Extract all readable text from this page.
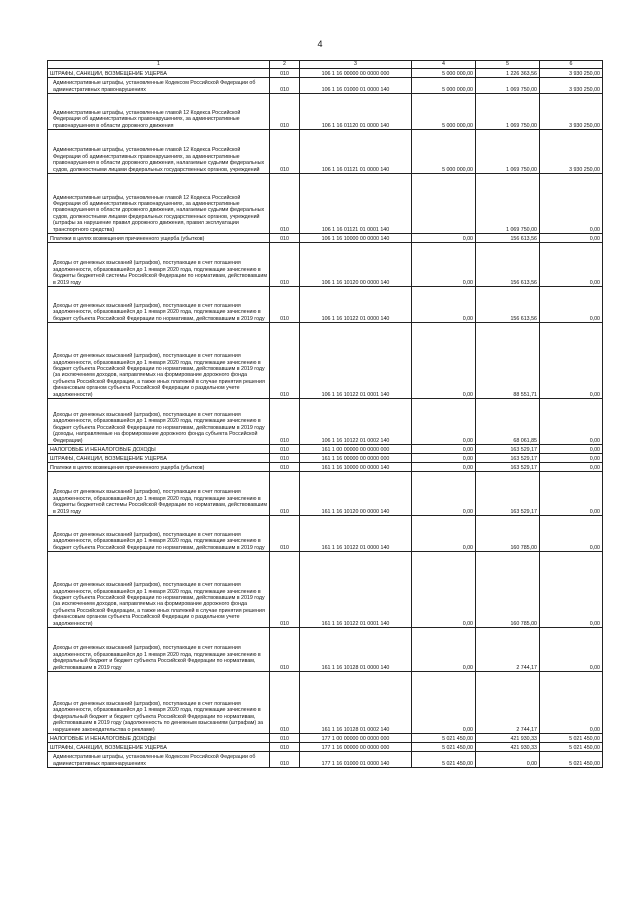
4
1	2	3	4	5	6
ШТРАФЫ, САНКЦИИ, ВОЗМЕЩЕНИЕ УЩЕРБА	010	106 1 16 00000 00 0000 000	5 000 000,00	1 226 363,56	3 930 250,00
Административные штрафы, установленные Кодексом Российской Федерации об административных правонарушениях	010	106 1 16 01000 01 0000 140	5 000 000,00	1 069 750,00	3 930 250,00
Административные штрафы, установленные главой 12 Кодекса Российской Федерации об административных правонарушениях, за административные правонарушения в области дорожного движения	010	106 1 16 01120 01 0000 140	5 000 000,00	1 069 750,00	3 930 250,00
Административные штрафы, установленные главой 12 Кодекса Российской Федерации об административных правонарушениях, за административные правонарушения в области дорожного движения, налагаемые судьями федеральных судов, должностными лицами федеральных государственных органов, учреждений	010	106 1 16 01121 01 0000 140	5 000 000,00	1 069 750,00	3 930 250,00
Административные штрафы, установленные главой 12 Кодекса Российской Федерации об административных правонарушениях, за административные правонарушения в области дорожного движения, налагаемые судьями федеральных судов, должностными лицами федеральных государственных органов, учреждений (штрафы за нарушение правил дорожного движения, правил эксплуатации транспортного средства)	010	106 1 16 01121 01 0001 140		1 069 750,00	0,00
Платежи в целях возмещения причиненного ущерба (убытков)	010	106 1 16 10000 00 0000 140	0,00	156 613,56	0,00
Доходы от денежных взысканий (штрафов), поступающие в счет погашения задолженности, образовавшейся до 1 января 2020 года, подлежащие зачислению в бюджеты бюджетной системы Российской Федерации по нормативам, действовавшим в 2019 году	010	106 1 16 10120 00 0000 140	0,00	156 613,56	0,00
Доходы от денежных взысканий (штрафов), поступающие в счет погашения задолженности, образовавшейся до 1 января 2020 года, подлежащие зачислению в бюджет субъекта Российской Федерации по нормативам, действовавшим в 2019 году	010	106 1 16 10122 01 0000 140	0,00	156 613,56	0,00
Доходы от денежных взысканий (штрафов), поступающие в счет погашения задолженности, образовавшейся до 1 января 2020 года, подлежащие зачислению в бюджет субъекта Российской Федерации по нормативам, действовавшим в 2019 году (за исключением доходов, направляемых на формирование дорожного фонда субъекта Российской Федерации, а также иных платежей в случае принятия решения финансовым органом субъекта Российской Федерации о раздельном учете задолженности)	010	106 1 16 10122 01 0001 140	0,00	88 551,71	0,00
Доходы от денежных взысканий (штрафов), поступающие в счет погашения задолженности, образовавшейся до 1 января 2020 года, подлежащие зачислению в бюджет субъекта Российской Федерации по нормативам, действовавшим в 2019 году (доходы, направляемые на формирование дорожного фонда субъекта Российской Федерации)	010	106 1 16 10122 01 0002 140	0,00	68 061,85	0,00
НАЛОГОВЫЕ И НЕНАЛОГОВЫЕ ДОХОДЫ	010	161 1 00 00000 00 0000 000	0,00	163 529,17	0,00
ШТРАФЫ, САНКЦИИ, ВОЗМЕЩЕНИЕ УЩЕРБА	010	161 1 16 00000 00 0000 000	0,00	163 529,17	0,00
Платежи в целях возмещения причиненного ущерба (убытков)	010	161 1 16 10000 00 0000 140	0,00	163 529,17	0,00
Доходы от денежных взысканий (штрафов), поступающие в счет погашения задолженности, образовавшейся до 1 января 2020 года, подлежащие зачислению в бюджеты бюджетной системы Российской Федерации по нормативам, действовавшим в 2019 году	010	161 1 16 10120 00 0000 140	0,00	163 529,17	0,00
Доходы от денежных взысканий (штрафов), поступающие в счет погашения задолженности, образовавшейся до 1 января 2020 года, подлежащие зачислению в бюджет субъекта Российской Федерации по нормативам, действовавшим в 2019 году	010	161 1 16 10122 01 0000 140	0,00	160 785,00	0,00
Доходы от денежных взысканий (штрафов), поступающие в счет погашения задолженности, образовавшейся до 1 января 2020 года, подлежащие зачислению в бюджет субъекта Российской Федерации по нормативам, действовавшим в 2019 году (за исключением доходов, направляемых на формирование дорожного фонда субъекта Российской Федерации, а также иных платежей в случае принятия решения финансовым органом субъекта Российской Федерации о раздельном учете задолженности)	010	161 1 16 10122 01 0001 140	0,00	160 785,00	0,00
Доходы от денежных взысканий (штрафов), поступающие в счет погашения задолженности, образовавшейся до 1 января 2020 года, подлежащие зачислению в федеральный бюджет и бюджет субъекта Российской Федерации по нормативам, действовавшим в 2019 году	010	161 1 16 10128 01 0000 140	0,00	2 744,17	0,00
Доходы от денежных взысканий (штрафов), поступающие в счет погашения задолженности, образовавшейся до 1 января 2020 года, подлежащие зачислению в федеральный бюджет и бюджет субъекта Российской Федерации по нормативам, действовавшим в 2019 году (задолженность по денежным взысканиям (штрафам) за нарушение законодательства о рекламе)	010	161 1 16 10128 01 0002 140	0,00	2 744,17	0,00
НАЛОГОВЫЕ И НЕНАЛОГОВЫЕ ДОХОДЫ	010	177 1 00 00000 00 0000 000	5 021 450,00	421 930,33	5 021 450,00
ШТРАФЫ, САНКЦИИ, ВОЗМЕЩЕНИЕ УЩЕРБА	010	177 1 16 00000 00 0000 000	5 021 450,00	421 930,33	5 021 450,00
Административные штрафы, установленные Кодексом Российской Федерации об административных правонарушениях	010	177 1 16 01000 01 0000 140	5 021 450,00	0,00	5 021 450,00
